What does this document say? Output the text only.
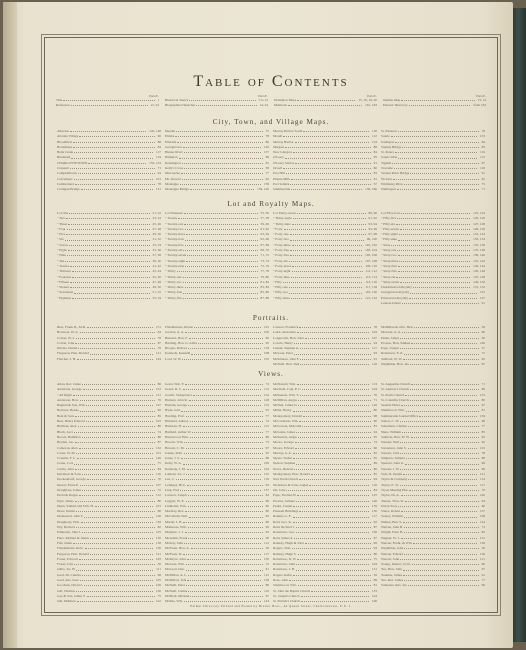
Table of Contents
PAGE.
Title	i
Reference	15, 24
PAGE.
Historical Sketch	5 to 12
Biographical Sketches	14, 24
PAGE.
Dominion Maps	15, 16, 19, 20
Manitoba	161, 163
PAGE.
Outline Map	13, 14
Patrons' Directory	from 163
City, Town, and Village Maps.
Alberton	145, 148
Abrams Village	96
Bloomfield	88
Bradalbane	84
Belle Creek	117
Brudenell	134
CHARLOTTETOWN	153, 154
Crapaud	71
Campbelltown	94
Cascumpec	101
Cumberland	78
Cardigan Bridge	131
Dundas	75
Elmira	78
Ellerslie	89
Georgetown	126
Hunter River	137
Hampton	68
Kensington	81
Kelly's Cross	58
Miscouche	77
Mt. Stewart	92
Montague	138
Montague Bridge	139, 140
Murray Harbor South	130
Morell	112
Murray Harbor	134
Margate	88
New Glasgow	84
O'Leary	95
O'Leary Station	91
Orwell	60
Port Hill	83
Pinette Mills	61
Port Selkirk	57
Summerside	159, 160
St. Eleanors	78
Souris	133
Southport	84
Stanley Bridge	83
St. Peters	119
Souris West	115
Tignish	97
Tracadie	118
Vernon River Bridge	61
Victoria	62
Whimsley River	75
Wellington	71
Lot and Royalty Maps.
Lot One	21, 22
" Two	23, 24
" Three	25, 26
" Four	27, 28
" Five	29, 30
" Six	31, 32
" Seven	33, 34
" Eight	35, 36
" Nine	37, 38
" Ten	39, 40
" Twelve	41, 42
" Thirteen	43, 44
" Fourteen	45, 46
" Fifteen	47, 48
" Sixteen	49, 50
" Seventeen	51, 52
" Eighteen	53, 54
Lot Nineteen	55, 56
" Twenty	57, 58
" Twenty-one	59, 60
" Twenty-two	61, 62
" Twenty-three	63, 64
" Twenty-four	65, 66
" Twenty-five	67, 68
" Twenty-six	69, 70
" Twenty-seven	71, 72
" Twenty-eight	73, 74
" Twenty-nine	75, 76
" Thirty	77, 78
" Thirty-one	79, 80
" Thirty-two	81, 82
" Thirty-three	83, 84
" Thirty-four	85, 86
" Thirty-five	87, 88
Lot Thirty-seven	89, 90
" Thirty-eight	91, 92
" Thirty-nine	93, 94
" Forty	95, 96
" Forty-one	97, 98
" Forty-two	99, 100
" Forty-three	101, 102
" Forty-four	103, 104
" Forty-five	105, 106
" Forty-six	107, 108
" Forty-seven	109, 110
" Forty-eight	111, 112
" Forty-nine	113, 114
" Fifty	115, 116
" Fifty-one	117, 118
" Fifty-two	119, 120
" Fifty-three	121, 122
Lot Fifty-four	123, 124
" Fifty-five	125, 126
" Fifty-six	127, 128
" Fifty-seven	129, 130
" Fifty-eight	131, 132
" Fifty-nine	133, 134
" Sixty	135, 136
" Sixty-one	137, 138
" Sixty-two	139, 140
" Sixty-three	141, 142
" Sixty-four	143, 144
" Sixty-five	145, 146
" Sixty-six	147, 148
" Sixty-seven	149, 150
Charlottetown Royalty	151, 152
Georgetown Royalty	125
Princetown Royalty	137
Lennon Island	91
Portraits.
Beer, Frank D., M.D.	151
Bowness, W. A.	64
Cotton, W. L.	78
Cotton, John	87
Davies, Daniel	79
Ferguson, Hon. Donald	121
Fletcher, J. H.	104
Fitzsimmons, Robert	125
Gordon, A. A.	100
Haszard, Hon. F.	90
Harding, Hon. G. Allan	95
Hooper, Richard	119
Kennedy, Kenneth	108
Lord, W. W.	105
Lawson, Frederick	78
Laird, Alexander	104
Longworth, Hon. John	107
Lowrie, Henry	94
Leneni, Stephen A.	117
McLean, Peter	93
McKinnon, John F.	91
McNeill, Hon. Neil	116
McMillan & wife, Hon.	58
McLean, A. A.	96
Peake, James	56
Prowse, Hon. Samuel	146
Pope, Joseph	57
Robertson, E. P.	72
Sullivan, W. W.	92
Wightman, Hon. Jas.	67
Views.
Allen, Rev. James	86
Anderson, George	153
" All Right	121
Anderson, Hon.	76
Bagnall & Son, Wm.	107
Bawtree, Bessie	96
Bent & Sons	85
Best, Henry Edward	103
Bulchan, Alex.	80
Black, Levi	74
Brown, Hamilton	88
Bryden, Jas.	87
Cameron, Alex.	132
Carter, W. M.	101
Cousins, F. C.	146
Crane, Cora	75
Currie, John	84
Davidson & Sons	110
Dockendorff, George	70
Dewar, Ewen P.	107
Doughlass, James	72
Dodd & Rogers	112
Dyer, James	80
Dunn, Samuel and Wm. H.	101
Drew, Daniel	66
Dennewell, John T.	128
Dougherty, Wm.	118
Eby, Richard	82
Edmonds, John J.	125
Fairs, Richard & James	130
Fife, James	118
Fitzsimmons, Robt.	130
Ferguson, Hon. Donald	121
Foster, Edward	103
Fraser, John	56
Gillis, Jas. H.	111
Gard, Dr. Charles	98
Gard, Rev. Isaac	105
Goodwin, David L.	109
Gill, Thomas	120
Gay & Son, James T.	75
Gill, Matthew	122
Gorst, Wm. F.	74
Green, R. C.	112
Gorrill, Temperance	154
Hackett, John R.	128
Haslam, George	153
Hyde, John	93
Harding, Prof.	77
Hubbard, Aubrey	74
Halloran, H.	115
Hatfield, Arthur W.	77
Hazelwood, Hon.	89
Howatt, Wm.	73
Howatt, C. M.	97
Jessup, Robt.	93
Jones, J. S.	88
Kelly, W. A.	109
Kennedy, J. M.	104
Lamont, Jos. J.	125
Lee, C.	119
Lefurgey, Hon.	93
Ling, Fred	137
Lawson, Joseph	84
Leggett, W. E.	98
Linkletter, Wm.	90
MacKay, Rev.	80
McCallum, Wm.	93
Martin, J. H.	86
Matheson, Wm.	99
Mayhew, J. J.	63
McAdam, Frank	96
McKay, John	112
McEwen, Hon. A.	56
McEwen, D.	117
McIntyre, John	130
McLean, Wm.	72
McLeod, Dan.	61
McMillan, A. L.	112
McMillan, Tom	138
McNeill, Peter	89
McNeill, Joshua	110
McPhail, Michael	67
McRae, Wm.	144
McDonald, Wm.	113
Macfield, Capt. P. C.	104
McKenzie, Wm. T.	70
McMillan, Angus	71
McNeil, James D.	116
Miller, Henry	80
Montgomery, Donald	98
McCormack, Wm.	60
McGowan, Malcolm	83
McGuire, James	94
McKenzie, Angus	65
Moore, George	74
Moore, Edward	66
Murray, A. A.	82
Myers, Walter	65
Nelson, Stephen	69
Nowe, Duncan	80
Montgomery, Hon. Donald	85
New Perth Church	94
Nicholson & Sons, Angus	116
Ott, John	84
Pope, Thomas H.	125
Prowse, Samuel	146
Peake, Joseph	139
Pleasant Buildings	130
Rankin, G. E.	117
Reid, Geo. R.	92
Reid, Richard J.	87
Robertson, Geo.	136
Reid, James A.	67
Ramsay, Hugh & John	99
Rogers, Wm.	94
Ramsay, Hugh S.	80
Robertson, D. W.	75
Robertson, John	104
Robertson, J. B.	131
Rogers, Rufus	59
Rose, John	69
Smallwood, Wm.	81
St. John the Baptist Church	153
St. Joseph's Church	124
St. Patrick's Church	100
St. Augustine Church	71
St. Andrew's Church	66
St. Paul's Church	153
St. Columba Church	80
Seaside Hotel	67
Smallwood, Wm.	81
Summerside Journal Office	159
Sutton, C. W.	68
Schurman, Charles	77
Shaw, William	85
Sullivan, Hon. W. W.	92
Stewart, Neil	62
Stevenson, John S.	125
Stewart, John	78
Simpson, Samuel	88
Spencer, John G.	96
Stewart, J. H.	69
Stott, R. Daniel	121
Taylor & Company	114
Taylor, E. W.	117
Tryon Meeting Hse.	70
Taylor, Dr. A.	140
Tanton, Thos. D.	94
Union Store	60
Vance, Robert	137
Vessey, William	108
Walker, Ben. S.	124
Warren, John B.	73
Wright, Fred. B.	83
Wagner, W. J.	131
Warren, Fredk. & Wm.	136
Wightman, John	56
Watson, Edward	136
Weaver, John	121
Young, Daniel, J.L.D.	96
Yeo, Hon. John	97
Younker, James	61
Yeo, Rev. James	77
Somerset, Rev. Jas.	96
Palmer Directory Printed and Bound by Brewer Bros., 44 Queen Street, Charlottetown, P. E. I.
